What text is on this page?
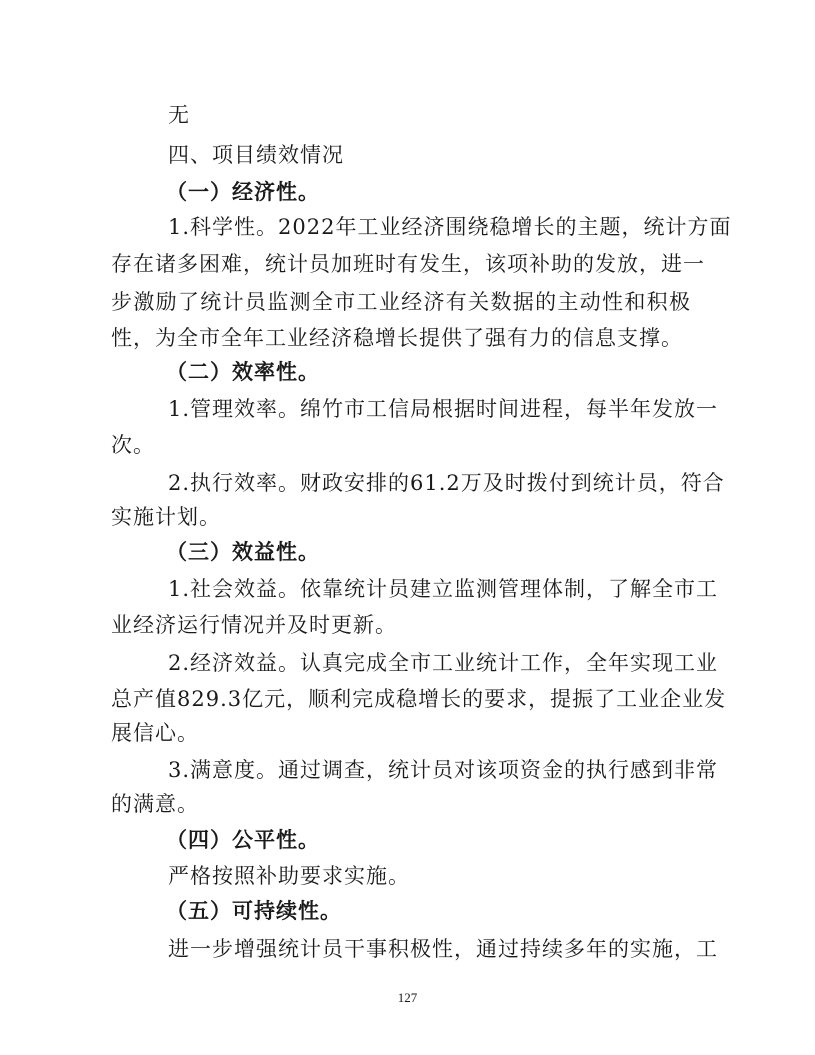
无
四、项目绩效情况
（一）经济性。
1.科学性。2022年工业经济围绕稳增长的主题，统计方面
存在诸多困难，统计员加班时有发生，该项补助的发放，进一
步激励了统计员监测全市工业经济有关数据的主动性和积极
性，为全市全年工业经济稳增长提供了强有力的信息支撑。
（二）效率性。
1.管理效率。绵竹市工信局根据时间进程，每半年发放一
次。
2.执行效率。财政安排的61.2万及时拨付到统计员，符合
实施计划。
（三）效益性。
1.社会效益。依靠统计员建立监测管理体制，了解全市工
业经济运行情况并及时更新。
2.经济效益。认真完成全市工业统计工作，全年实现工业
总产值829.3亿元，顺利完成稳增长的要求，提振了工业企业发
展信心。
3.满意度。通过调查，统计员对该项资金的执行感到非常
的满意。
（四）公平性。
严格按照补助要求实施。
（五）可持续性。
进一步增强统计员干事积极性，通过持续多年的实施，工
127
